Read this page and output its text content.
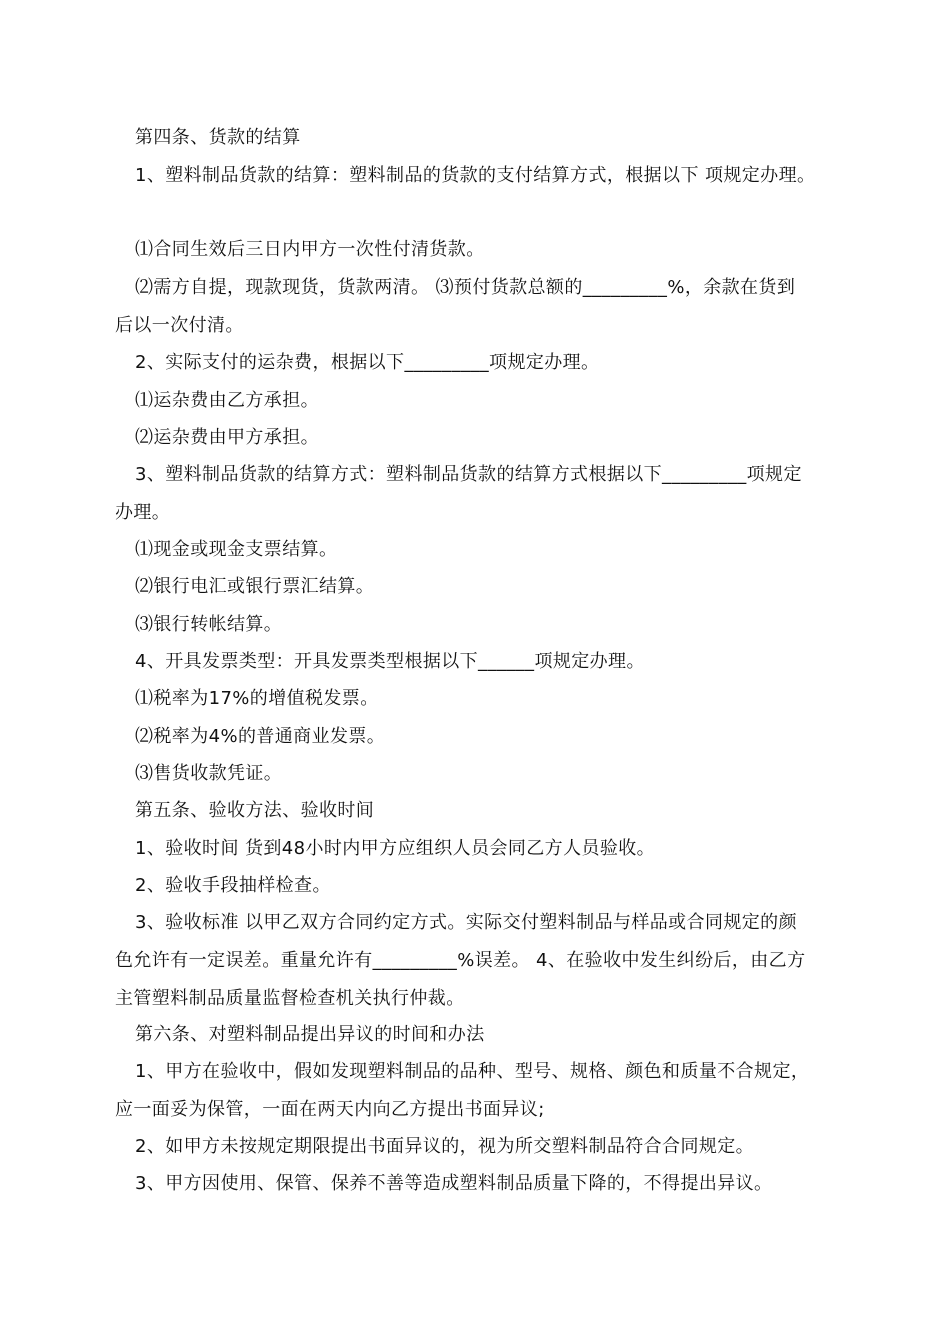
第四条、货款的结算
1、塑料制品货款的结算：塑料制品的货款的支付结算方式，根据以下 项规定办理。
⑴合同生效后三日内甲方一次性付清货款。
⑵需方自提，现款现货，货款两清。 ⑶预付货款总额的_________%，余款在货到
后以一次付清。
2、实际支付的运杂费，根据以下_________项规定办理。
⑴运杂费由乙方承担。
⑵运杂费由甲方承担。
3、塑料制品货款的结算方式：塑料制品货款的结算方式根据以下_________项规定
办理。
⑴现金或现金支票结算。
⑵银行电汇或银行票汇结算。
⑶银行转帐结算。
4、开具发票类型：开具发票类型根据以下______项规定办理。
⑴税率为17%的增值税发票。
⑵税率为4%的普通商业发票。
⑶售货收款凭证。
第五条、验收方法、验收时间
1、验收时间 货到48小时内甲方应组织人员会同乙方人员验收。
2、验收手段抽样检查。
3、验收标准 以甲乙双方合同约定方式。实际交付塑料制品与样品或合同规定的颜
色允许有一定误差。重量允许有_________%误差。 4、在验收中发生纠纷后，由乙方
主管塑料制品质量监督检查机关执行仲裁。
第六条、对塑料制品提出异议的时间和办法
1、甲方在验收中，假如发现塑料制品的品种、型号、规格、颜色和质量不合规定，
应一面妥为保管，一面在两天内向乙方提出书面异议;
2、如甲方未按规定期限提出书面异议的，视为所交塑料制品符合合同规定。
3、甲方因使用、保管、保养不善等造成塑料制品质量下降的，不得提出异议。
